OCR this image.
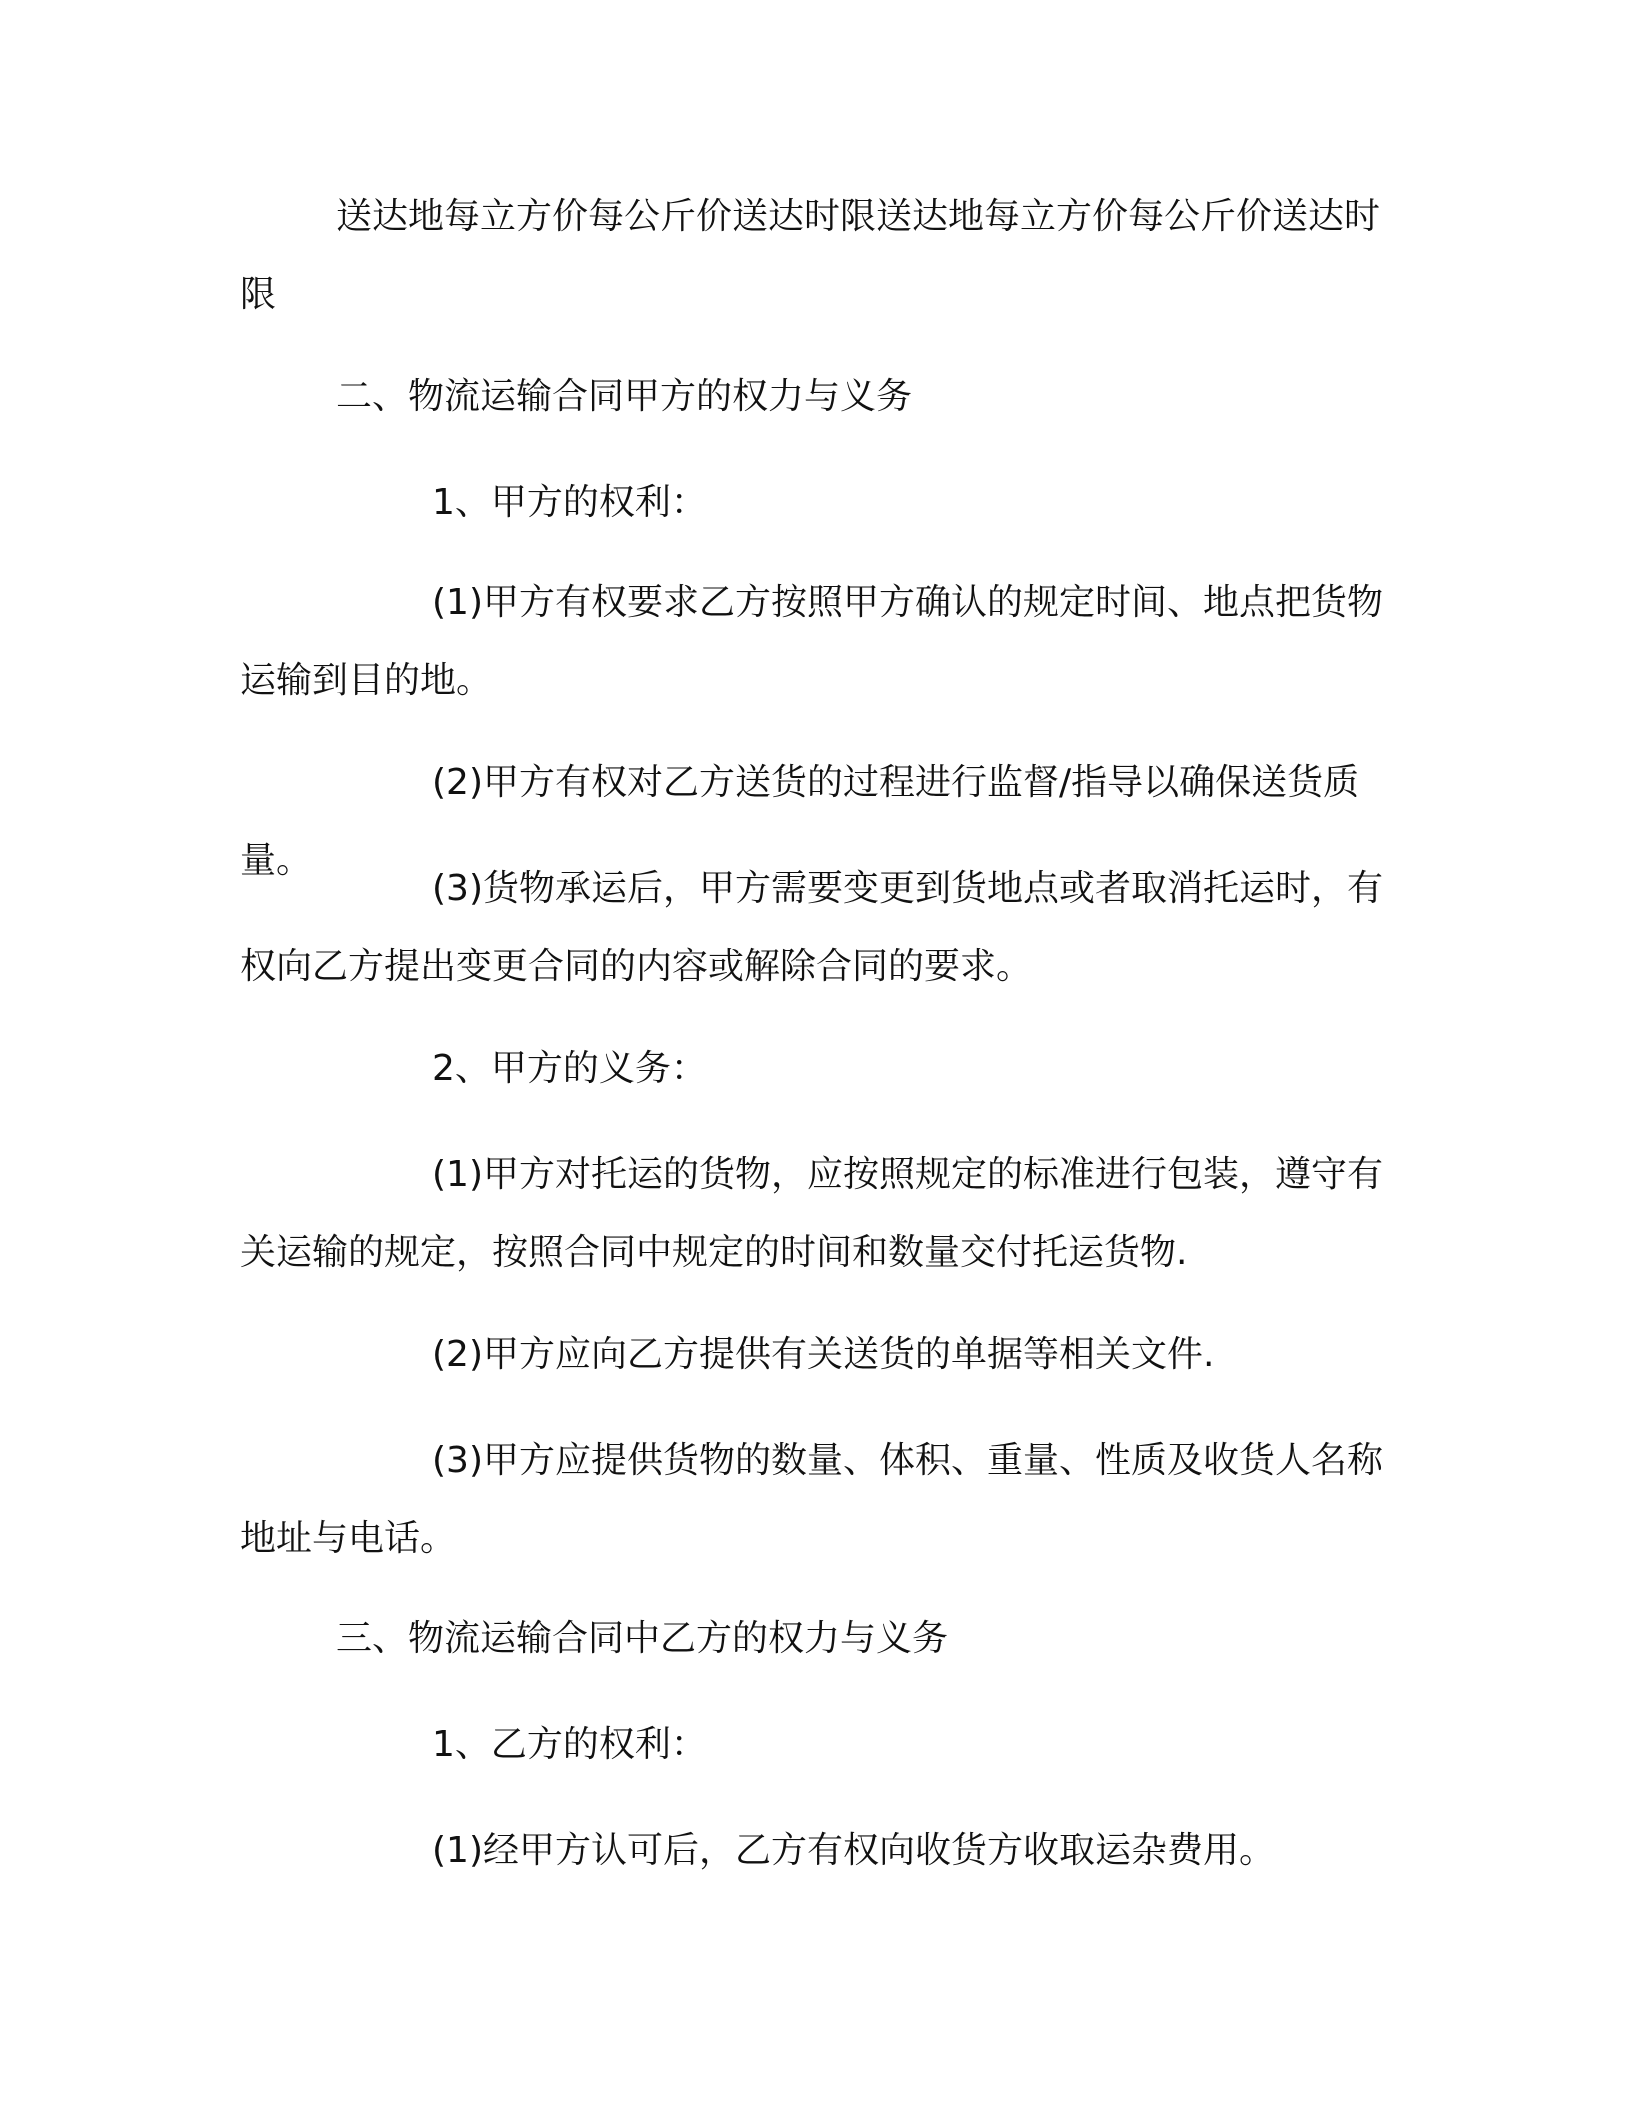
送达地每立方价每公斤价送达时限送达地每立方价每公斤价送达时限

二、物流运输合同甲方的权力与义务

1、甲方的权利：

(1)甲方有权要求乙方按照甲方确认的规定时间、地点把货物运输到目的地。

(2)甲方有权对乙方送货的过程进行监督/指导以确保送货质量。

(3)货物承运后，甲方需要变更到货地点或者取消托运时，有权向乙方提出变更合同的内容或解除合同的要求。

2、甲方的义务：

(1)甲方对托运的货物，应按照规定的标准进行包装，遵守有关运输的规定，按照合同中规定的时间和数量交付托运货物.

(2)甲方应向乙方提供有关送货的单据等相关文件.

(3)甲方应提供货物的数量、体积、重量、性质及收货人名称地址与电话。

三、物流运输合同中乙方的权力与义务

1、乙方的权利：

(1)经甲方认可后，乙方有权向收货方收取运杂费用。
